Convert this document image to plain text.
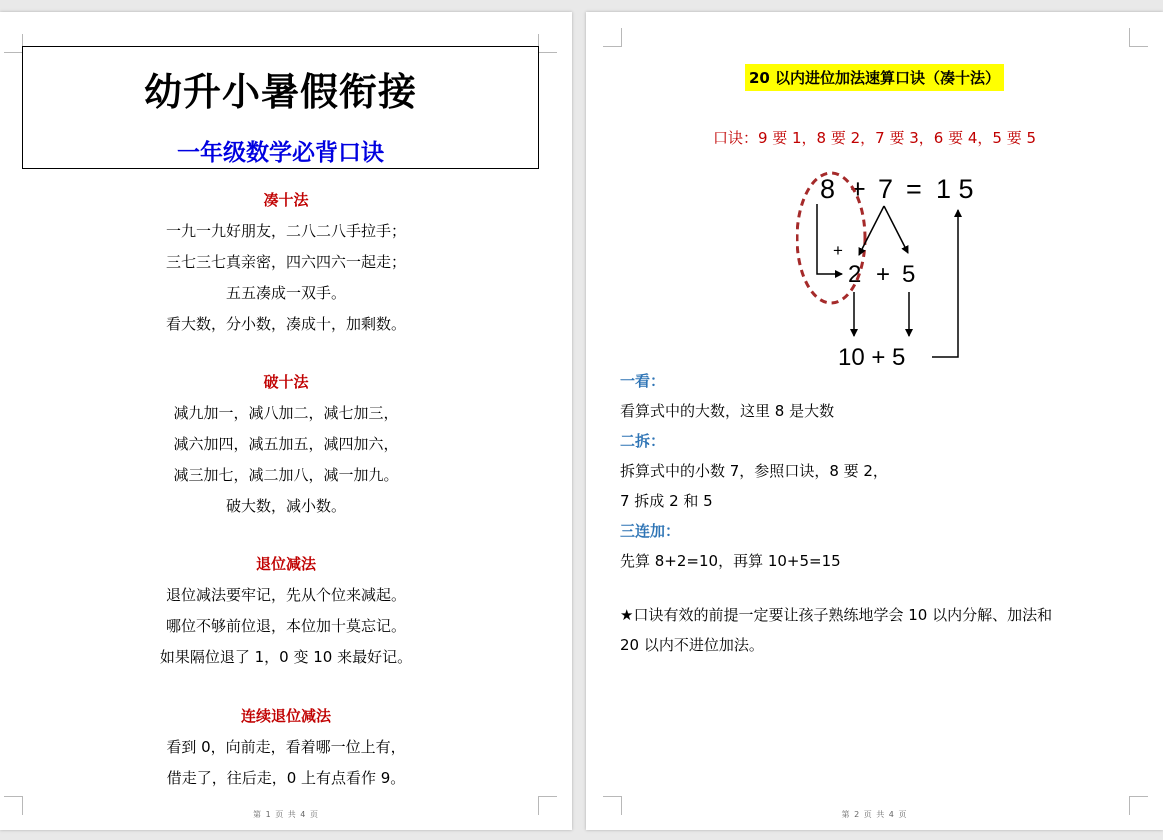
幼升小暑假衔接
一年级数学必背口诀
凑十法
一九一九好朋友，二八二八手拉手；
三七三七真亲密，四六四六一起走；
五五凑成一双手。
看大数，分小数，凑成十，加剩数。
破十法
减九加一，减八加二，减七加三，
减六加四，减五加五，减四加六，
减三加七，减二加八，减一加九。
破大数，减小数。
退位减法
退位减法要牢记，先从个位来减起。
哪位不够前位退，本位加十莫忘记。
如果隔位退了 1，0 变 10 来最好记。
连续退位减法
看到 0，向前走，看着哪一位上有，
借走了，往后走，0 上有点看作 9。
第 1 页 共 4 页
20 以内进位加法速算口诀（凑十法）
口诀：9 要 1，8 要 2，7 要 3，6 要 4，5 要 5
8 + 7 = 1 5
2 + 5
10 + 5
+
一看：
看算式中的大数，这里 8 是大数
二拆：
拆算式中的小数 7，参照口诀，8 要 2，
7 拆成 2 和 5
三连加：
先算 8+2=10，再算 10+5=15
★口诀有效的前提一定要让孩子熟练地学会 10 以内分解、加法和
20 以内不进位加法。
第 2 页 共 4 页
